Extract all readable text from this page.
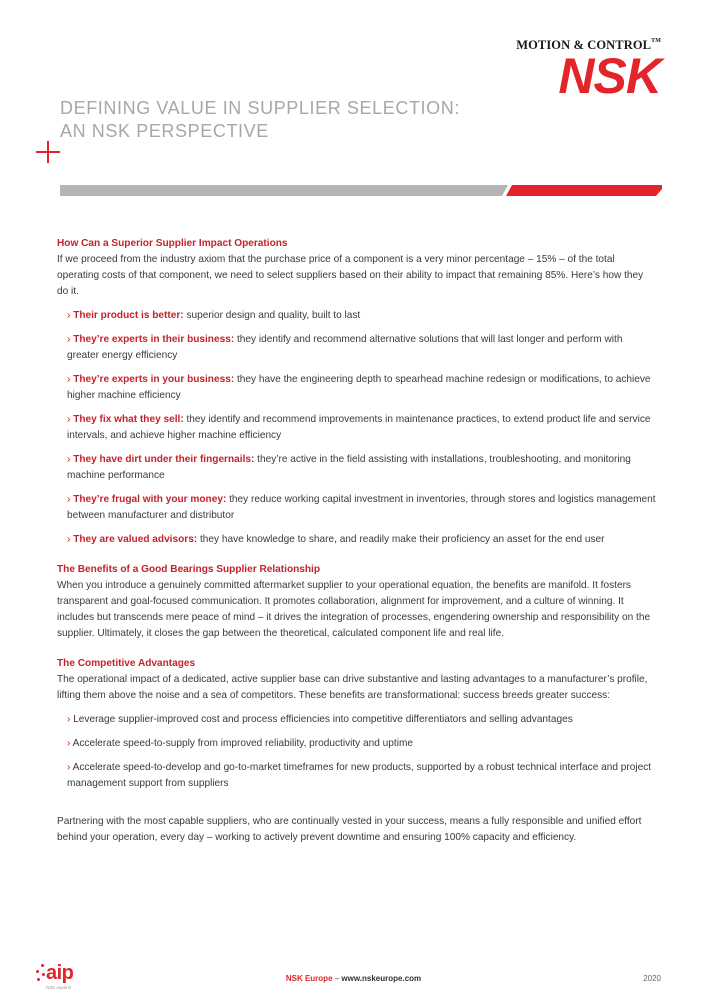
MOTION & CONTROL™
NSK
DEFINING VALUE IN SUPPLIER SELECTION:
AN NSK PERSPECTIVE
How Can a Superior Supplier Impact Operations

If we proceed from the industry axiom that the purchase price of a component is a very minor percentage – 15% – of the total operating costs of that component, we need to select suppliers based on their ability to impact that remaining 85%. Here’s how they do it.

› Their product is better: superior design and quality, built to last
› They’re experts in their business: they identify and recommend alternative solutions that will last longer and perform with greater energy efficiency
› They’re experts in your business: they have the engineering depth to spearhead machine redesign or modifications, to achieve higher machine efficiency
› They fix what they sell: they identify and recommend improvements in maintenance practices, to extend product life and service intervals, and achieve higher machine efficiency
› They have dirt under their fingernails: they’re active in the field assisting with installations, troubleshooting, and monitoring machine performance
› They’re frugal with your money: they reduce working capital investment in inventories, through stores and logistics management between manufacturer and distributor
› They are valued advisors: they have knowledge to share, and readily make their proficiency an asset for the end user
The Benefits of a Good Bearings Supplier Relationship

When you introduce a genuinely committed aftermarket supplier to your operational equation, the benefits are manifold. It fosters transparent and goal-focused communication. It promotes collaboration, alignment for improvement, and a culture of winning. It includes but transcends mere peace of mind – it drives the integration of processes, engendering ownership and responsibility on the supplier. Ultimately, it closes the gap between the theoretical, calculated component life and real life.

The Competitive Advantages

The operational impact of a dedicated, active supplier base can drive substantive and lasting advantages to a manufacturer’s profile, lifting them above the noise and a sea of competitors. These benefits are transformational: success breeds greater success:

› Leverage supplier-improved cost and process efficiencies into competitive differentiators and selling advantages
› Accelerate speed-to-supply from improved reliability, productivity and uptime
› Accelerate speed-to-develop and go-to-market timeframes for new products, supported by a robust technical interface and project management support from suppliers

Partnering with the most capable suppliers, who are continually vested in your success, means a fully responsible and unified effort behind your operation, every day – working to actively prevent downtime and ensuring 100% capacity and efficiency.

aip
NSK experts
NSK Europe – www.nskeurope.com	2020
